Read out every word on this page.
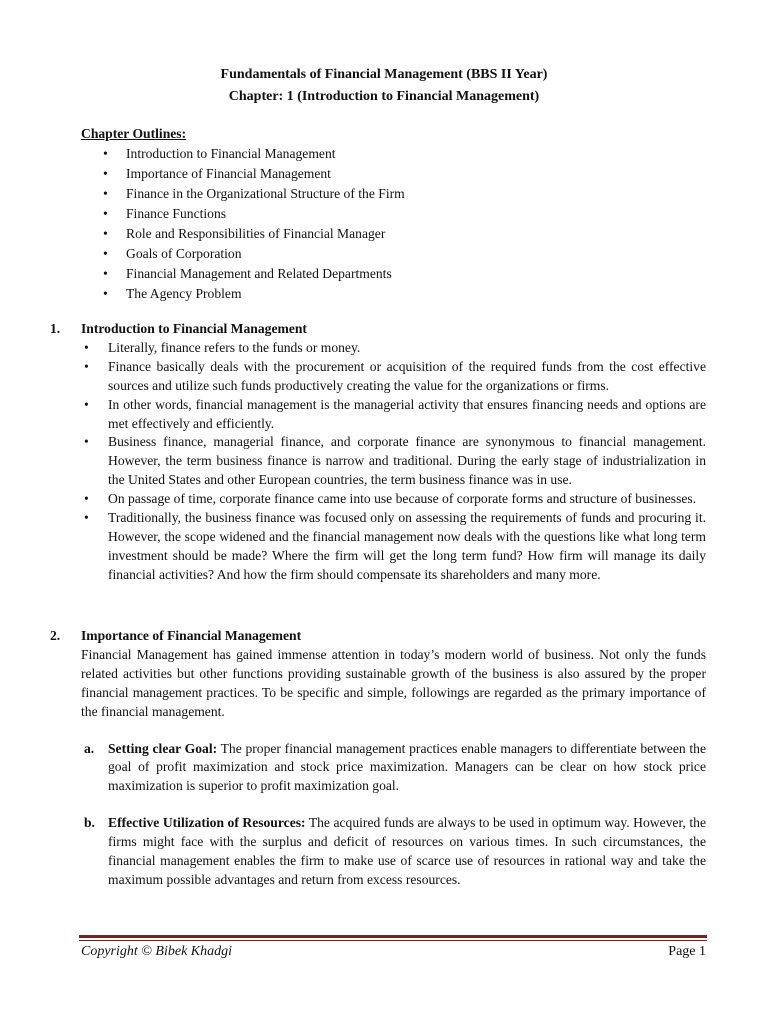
Fundamentals of Financial Management (BBS II Year)
Chapter: 1 (Introduction to Financial Management)
Chapter Outlines:
• Introduction to Financial Management
• Importance of Financial Management
• Finance in the Organizational Structure of the Firm
• Finance Functions
• Role and Responsibilities of Financial Manager
• Goals of Corporation
• Financial Management and Related Departments
• The Agency Problem
1. Introduction to Financial Management
• Literally, finance refers to the funds or money.
• Finance basically deals with the procurement or acquisition of the required funds from the cost effective sources and utilize such funds productively creating the value for the organizations or firms.
• In other words, financial management is the managerial activity that ensures financing needs and options are met effectively and efficiently.
• Business finance, managerial finance, and corporate finance are synonymous to financial management. However, the term business finance is narrow and traditional. During the early stage of industrialization in the United States and other European countries, the term business finance was in use.
• On passage of time, corporate finance came into use because of corporate forms and structure of businesses.
• Traditionally, the business finance was focused only on assessing the requirements of funds and procuring it. However, the scope widened and the financial management now deals with the questions like what long term investment should be made? Where the firm will get the long term fund? How firm will manage its daily financial activities? And how the firm should compensate its shareholders and many more.
2. Importance of Financial Management
Financial Management has gained immense attention in today’s modern world of business. Not only the funds related activities but other functions providing sustainable growth of the business is also assured by the proper financial management practices. To be specific and simple, followings are regarded as the primary importance of the financial management.
a. Setting clear Goal: The proper financial management practices enable managers to differentiate between the goal of profit maximization and stock price maximization. Managers can be clear on how stock price maximization is superior to profit maximization goal.
b. Effective Utilization of Resources: The acquired funds are always to be used in optimum way. However, the firms might face with the surplus and deficit of resources on various times. In such circumstances, the financial management enables the firm to make use of scarce use of resources in rational way and take the maximum possible advantages and return from excess resources.
Copyright © Bibek Khadgi	Page 1
